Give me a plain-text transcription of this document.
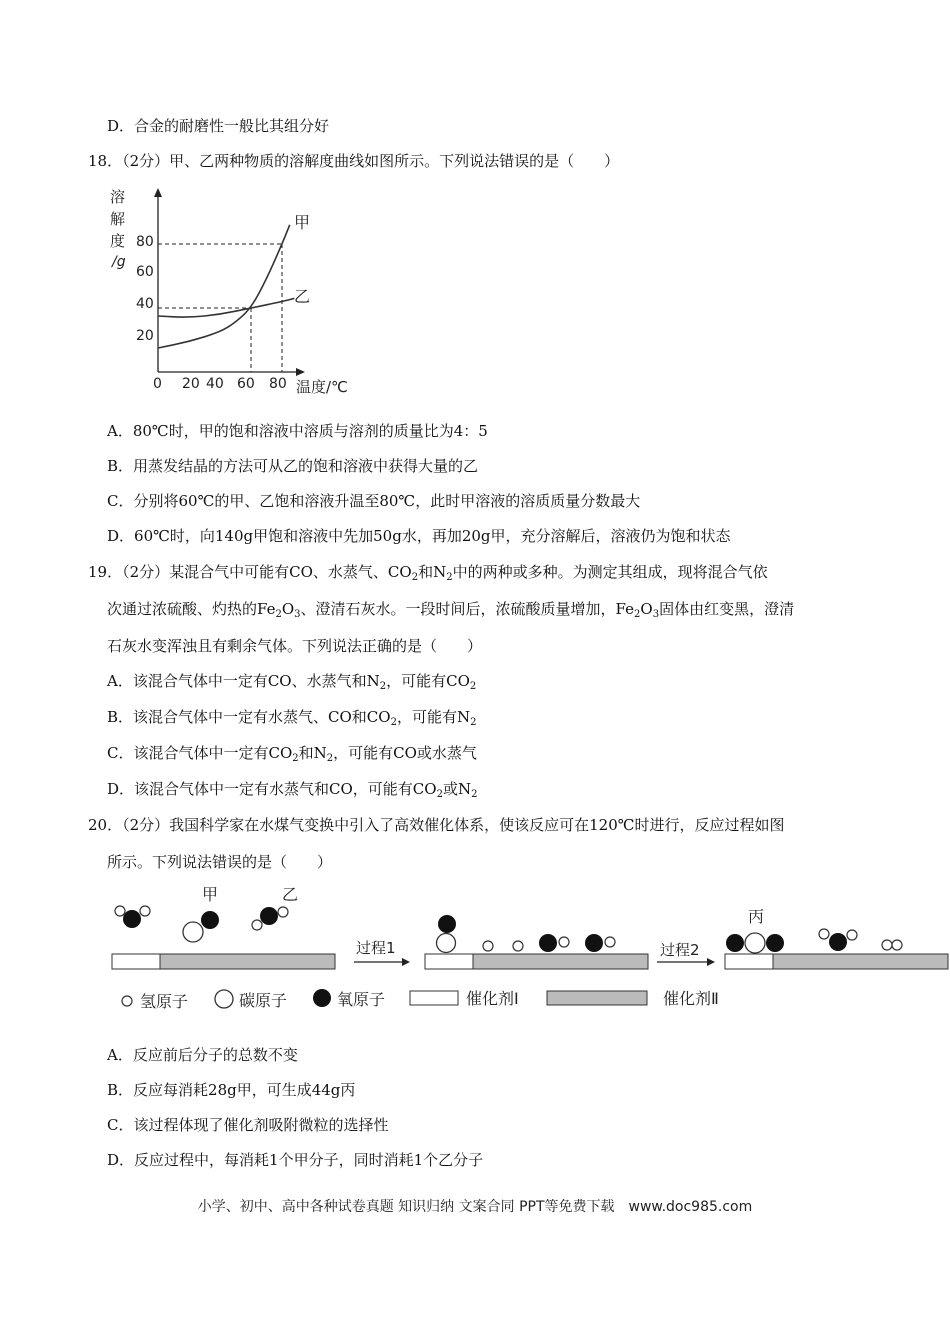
D．合金的耐磨性一般比其组分好
18．（2分）甲、乙两种物质的溶解度曲线如图所示。下列说法错误的是（　　）
溶
解
度
/g
80
60
40
20
0 20 40 60 80 温度/℃
甲
乙
A．80℃时，甲的饱和溶液中溶质与溶剂的质量比为4：5
B．用蒸发结晶的方法可从乙的饱和溶液中获得大量的乙
C．分别将60℃的甲、乙饱和溶液升温至80℃，此时甲溶液的溶质质量分数最大
D．60℃时，向140g甲饱和溶液中先加50g水，再加20g甲，充分溶解后，溶液仍为饱和状态
19．（2分）某混合气中可能有CO、水蒸气、$CO_2$和$N_2$中的两种或多种。为测定其组成，现将混合气依
次通过浓硫酸、灼热的$Fe_2O_3$、澄清石灰水。一段时间后，浓硫酸质量增加，$Fe_2O_3$固体由红变黑，澄清
石灰水变浑浊且有剩余气体。下列说法正确的是（　　）
A．该混合气体中一定有CO、水蒸气和$N_2$，可能有$CO_2$
B．该混合气体中一定有水蒸气、CO和$CO_2$，可能有$N_2$
C．该混合气体中一定有$CO_2$和$N_2$，可能有CO或水蒸气
D．该混合气体中一定有水蒸气和CO，可能有$CO_2$或$N_2$
20．（2分）我国科学家在水煤气变换中引入了高效催化体系，使该反应可在120℃时进行，反应过程如图
所示。下列说法错误的是（　　）
甲	乙
过程1	过程2
丙
氢原子	碳原子	氧原子	催化剂Ⅰ	催化剂Ⅱ
A．反应前后分子的总数不变
B．反应每消耗28g甲，可生成44g丙
C．该过程体现了催化剂吸附微粒的选择性
D．反应过程中，每消耗1个甲分子，同时消耗1个乙分子
小学、初中、高中各种试卷真题 知识归纳 文案合同 PPT等免费下载　www.doc985.com
